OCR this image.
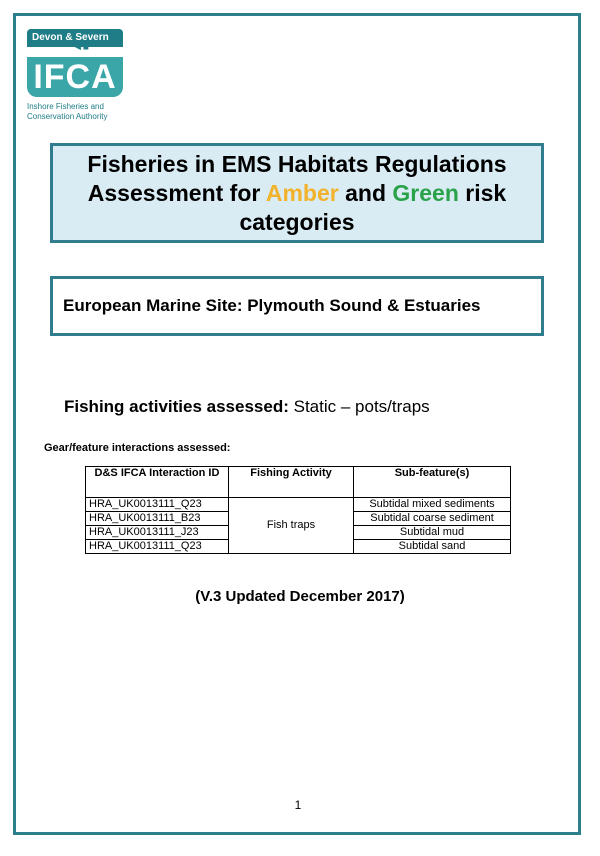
Devon & Severn
◄■
IFCA
Inshore Fisheries and Conservation Authority
Fisheries in EMS Habitats Regulations Assessment for Amber and Green risk categories
European Marine Site: Plymouth Sound & Estuaries
Fishing activities assessed: Static – pots/traps
Gear/feature interactions assessed:
D&S IFCA Interaction ID	Fishing Activity	Sub-feature(s)
HRA_UK0013111_Q23	Fish traps	Subtidal mixed sediments
HRA_UK0013111_B23		Subtidal coarse sediment
HRA_UK0013111_J23		Subtidal mud
HRA_UK0013111_Q23		Subtidal sand
(V.3 Updated December 2017)
1
